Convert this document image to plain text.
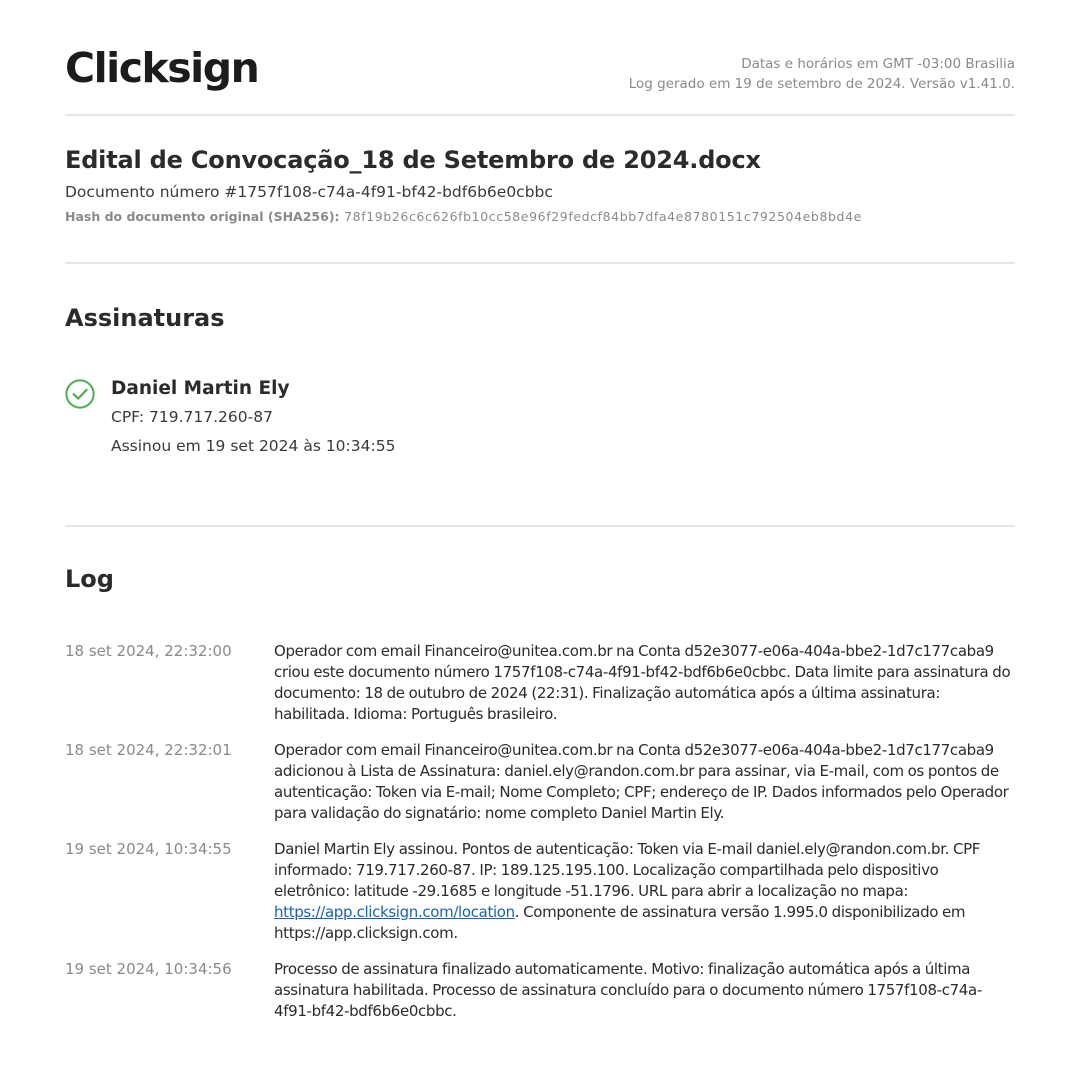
Clicksign	Datas e horários em GMT -03:00 Brasilia
Log gerado em 19 de setembro de 2024. Versão v1.41.0.
Edital de Convocação_18 de Setembro de 2024.docx
Documento número #1757f108-c74a-4f91-bf42-bdf6b6e0cbbc
Hash do documento original (SHA256): 78f19b26c6c626fb10cc58e96f29fedcf84bb7dfa4e8780151c792504eb8bd4e
Assinaturas
Daniel Martin Ely
CPF: 719.717.260-87
Assinou em 19 set 2024 às 10:34:55
Log
18 set 2024, 22:32:00	Operador com email Financeiro@unitea.com.br na Conta d52e3077-e06a-404a-bbe2-1d7c177caba9 criou este documento número 1757f108-c74a-4f91-bf42-bdf6b6e0cbbc. Data limite para assinatura do documento: 18 de outubro de 2024 (22:31). Finalização automática após a última assinatura: habilitada. Idioma: Português brasileiro.
18 set 2024, 22:32:01	Operador com email Financeiro@unitea.com.br na Conta d52e3077-e06a-404a-bbe2-1d7c177caba9 adicionou à Lista de Assinatura: daniel.ely@randon.com.br para assinar, via E-mail, com os pontos de autenticação: Token via E-mail; Nome Completo; CPF; endereço de IP. Dados informados pelo Operador para validação do signatário: nome completo Daniel Martin Ely.
19 set 2024, 10:34:55	Daniel Martin Ely assinou. Pontos de autenticação: Token via E-mail daniel.ely@randon.com.br. CPF informado: 719.717.260-87. IP: 189.125.195.100. Localização compartilhada pelo dispositivo eletrônico: latitude -29.1685 e longitude -51.1796. URL para abrir a localização no mapa: https://app.clicksign.com/location. Componente de assinatura versão 1.995.0 disponibilizado em https://app.clicksign.com.
19 set 2024, 10:34:56	Processo de assinatura finalizado automaticamente. Motivo: finalização automática após a última assinatura habilitada. Processo de assinatura concluído para o documento número 1757f108-c74a-4f91-bf42-bdf6b6e0cbbc.
